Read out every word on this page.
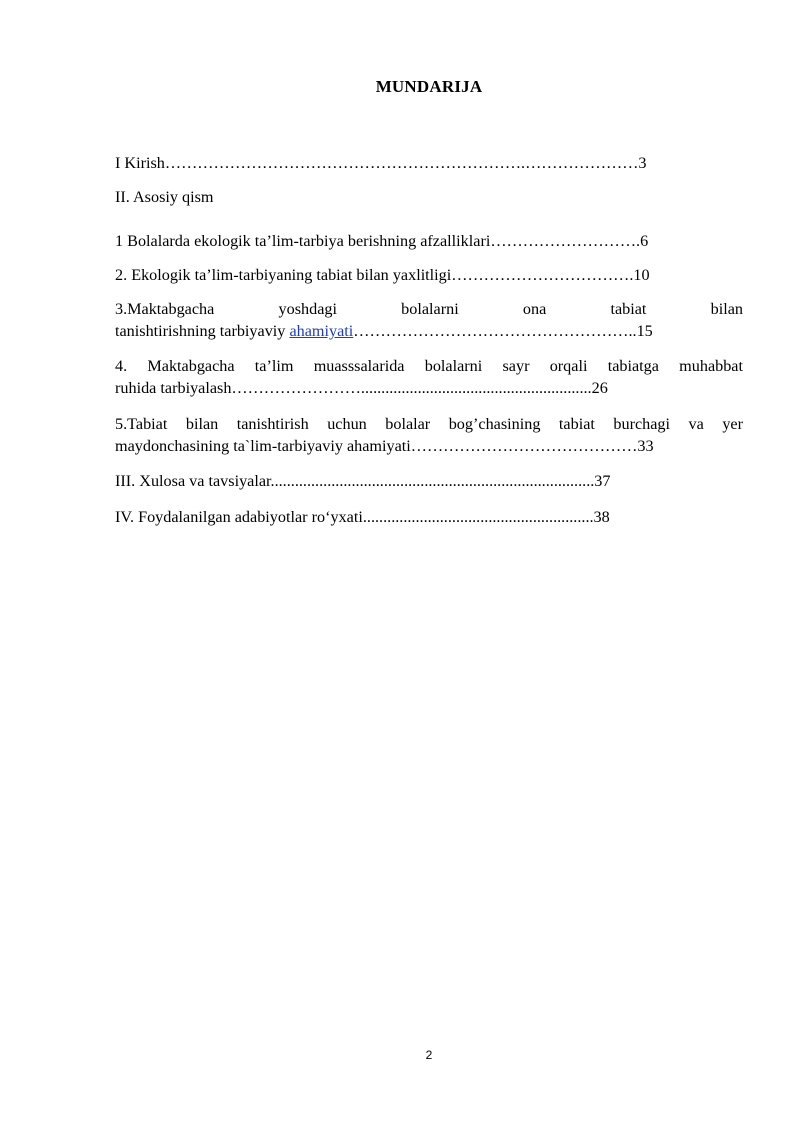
MUNDARIJA
I Kirish………………………………………………………….…………………3
II. Asosiy qism
1 Bolalarda ekologik ta’lim-tarbiya berishning afzalliklari……………………….6
2. Ekologik ta’lim-tarbiyaning tabiat bilan yaxlitligi…………………………….10
3.Maktabgacha yoshdagi bolalarni ona tabiat bilan
tanishtirishning tarbiyaviy ahamiyati……………………………………………..15
4. Maktabgacha ta’lim muasssalarida bolalarni sayr orqali tabiatga muhabbat
ruhida tarbiyalash…………………….........................................................26
5.Tabiat bilan tanishtirish uchun bolalar bog’chasining tabiat burchagi va yer
maydonchasining ta`lim-tarbiyaviy ahamiyati……………………………………33
III. Xulosa va tavsiyalar................................................................................37
IV. Foydalanilgan adabiyotlar ro‘yxati.........................................................38
2
